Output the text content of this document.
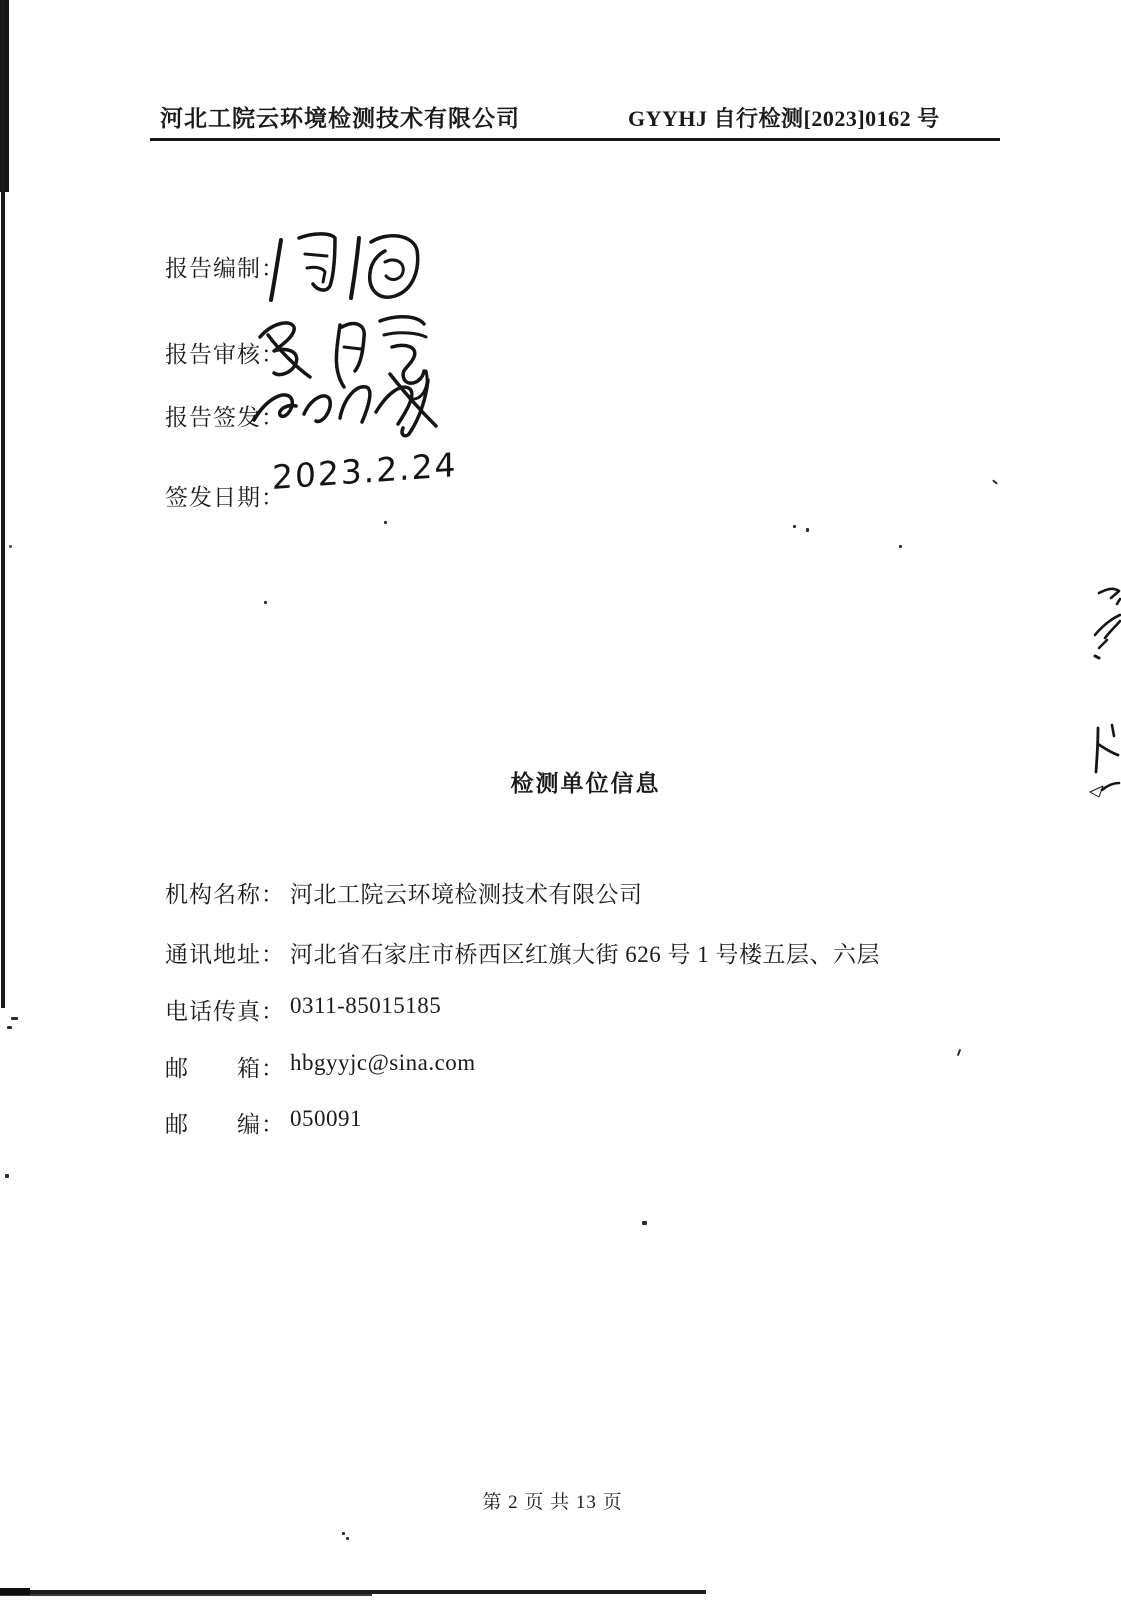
河北工院云环境检测技术有限公司	GYYHJ 自行检测[2023]0162 号
报告编制：
报告审核：
报告签发：
签发日期：
2023.2.24
检测单位信息
机构名称： 河北工院云环境检测技术有限公司
通讯地址： 河北省石家庄市桥西区红旗大街 626 号 1 号楼五层、六层
电话传真： 0311-85015185
邮　　箱： hbgyyjc@sina.com
邮　　编： 050091
第 2 页 共 13 页
